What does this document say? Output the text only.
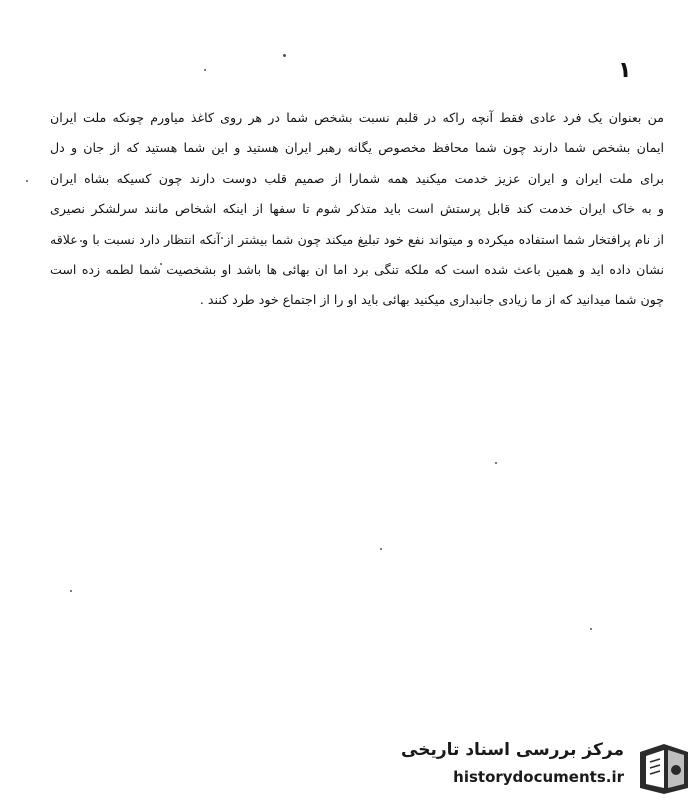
۱
من بعنوان یک فرد عادی فقط آنچه راکه در قلبم نسبت بشخص شما در هر روی کاغذ میاورم چونکه ملت ایران
ایمان بشخص شما دارند چون شما محافظ مخصوص یگانه رهبر ایران هستید و این شما هستید که از جان و دل
برای ملت ایران و ایران عزیز خدمت میکنید همه شمارا از صمیم قلب دوست دارند چون کسیکه بشاه ایران
و به خاک ایران خدمت کند قابل پرستش است باید متذکر شوم تا سفها از اینکه اشخاص مانند سرلشکر نصیری
از نام پرافتخار شما استفاده میکرده و میتواند نفع خود تبلیغ میکند چون شما بیشتر از آنکه انتظار دارد نسبت با و علاقه
نشان داده اید و همین باعث شده است که ملکه تنگی برد اما ان بهائی ها باشد او بشخصیت شما لطمه زده است
چون شما میدانید که از ما زیادی جانبداری میکنید بهائی باید او را از اجتماع خود طرد کنند .
مرکز بررسی اسناد تاریخی
historydocuments.ir
